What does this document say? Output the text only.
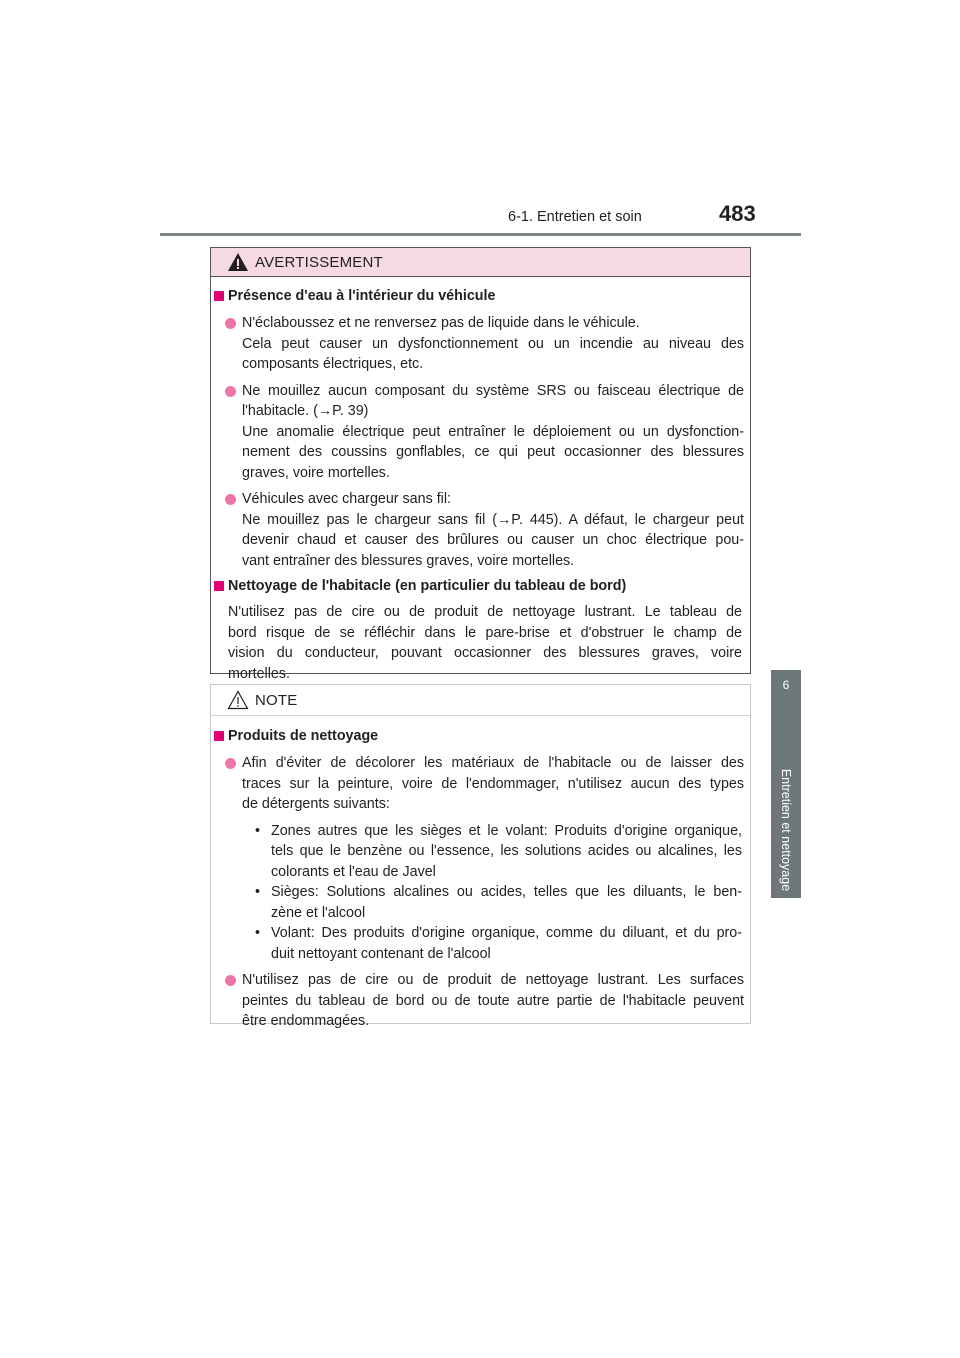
6-1. Entretien et soin	483
6
Entretien et nettoyage
AVERTISSEMENT
Présence d'eau à l'intérieur du véhicule
N'éclaboussez et ne renversez pas de liquide dans le véhicule.
Cela peut causer un dysfonctionnement ou un incendie au niveau des
composants électriques, etc.
Ne mouillez aucun composant du système SRS ou faisceau électrique de
l'habitacle. (→P. 39)
Une anomalie électrique peut entraîner le déploiement ou un dysfonction-
nement des coussins gonflables, ce qui peut occasionner des blessures
graves, voire mortelles.
Véhicules avec chargeur sans fil:
Ne mouillez pas le chargeur sans fil (→P. 445). A défaut, le chargeur peut
devenir chaud et causer des brûlures ou causer un choc électrique pou-
vant entraîner des blessures graves, voire mortelles.
Nettoyage de l'habitacle (en particulier du tableau de bord)
N'utilisez pas de cire ou de produit de nettoyage lustrant. Le tableau de
bord risque de se réfléchir dans le pare-brise et d'obstruer le champ de
vision du conducteur, pouvant occasionner des blessures graves, voire
mortelles.
NOTE
Produits de nettoyage
Afin d'éviter de décolorer les matériaux de l'habitacle ou de laisser des
traces sur la peinture, voire de l'endommager, n'utilisez aucun des types
de détergents suivants:
• Zones autres que les sièges et le volant: Produits d'origine organique,
tels que le benzène ou l'essence, les solutions acides ou alcalines, les
colorants et l'eau de Javel
• Sièges: Solutions alcalines ou acides, telles que les diluants, le ben-
zène et l'alcool
• Volant: Des produits d'origine organique, comme du diluant, et du pro-
duit nettoyant contenant de l'alcool
N'utilisez pas de cire ou de produit de nettoyage lustrant. Les surfaces
peintes du tableau de bord ou de toute autre partie de l'habitacle peuvent
être endommagées.
